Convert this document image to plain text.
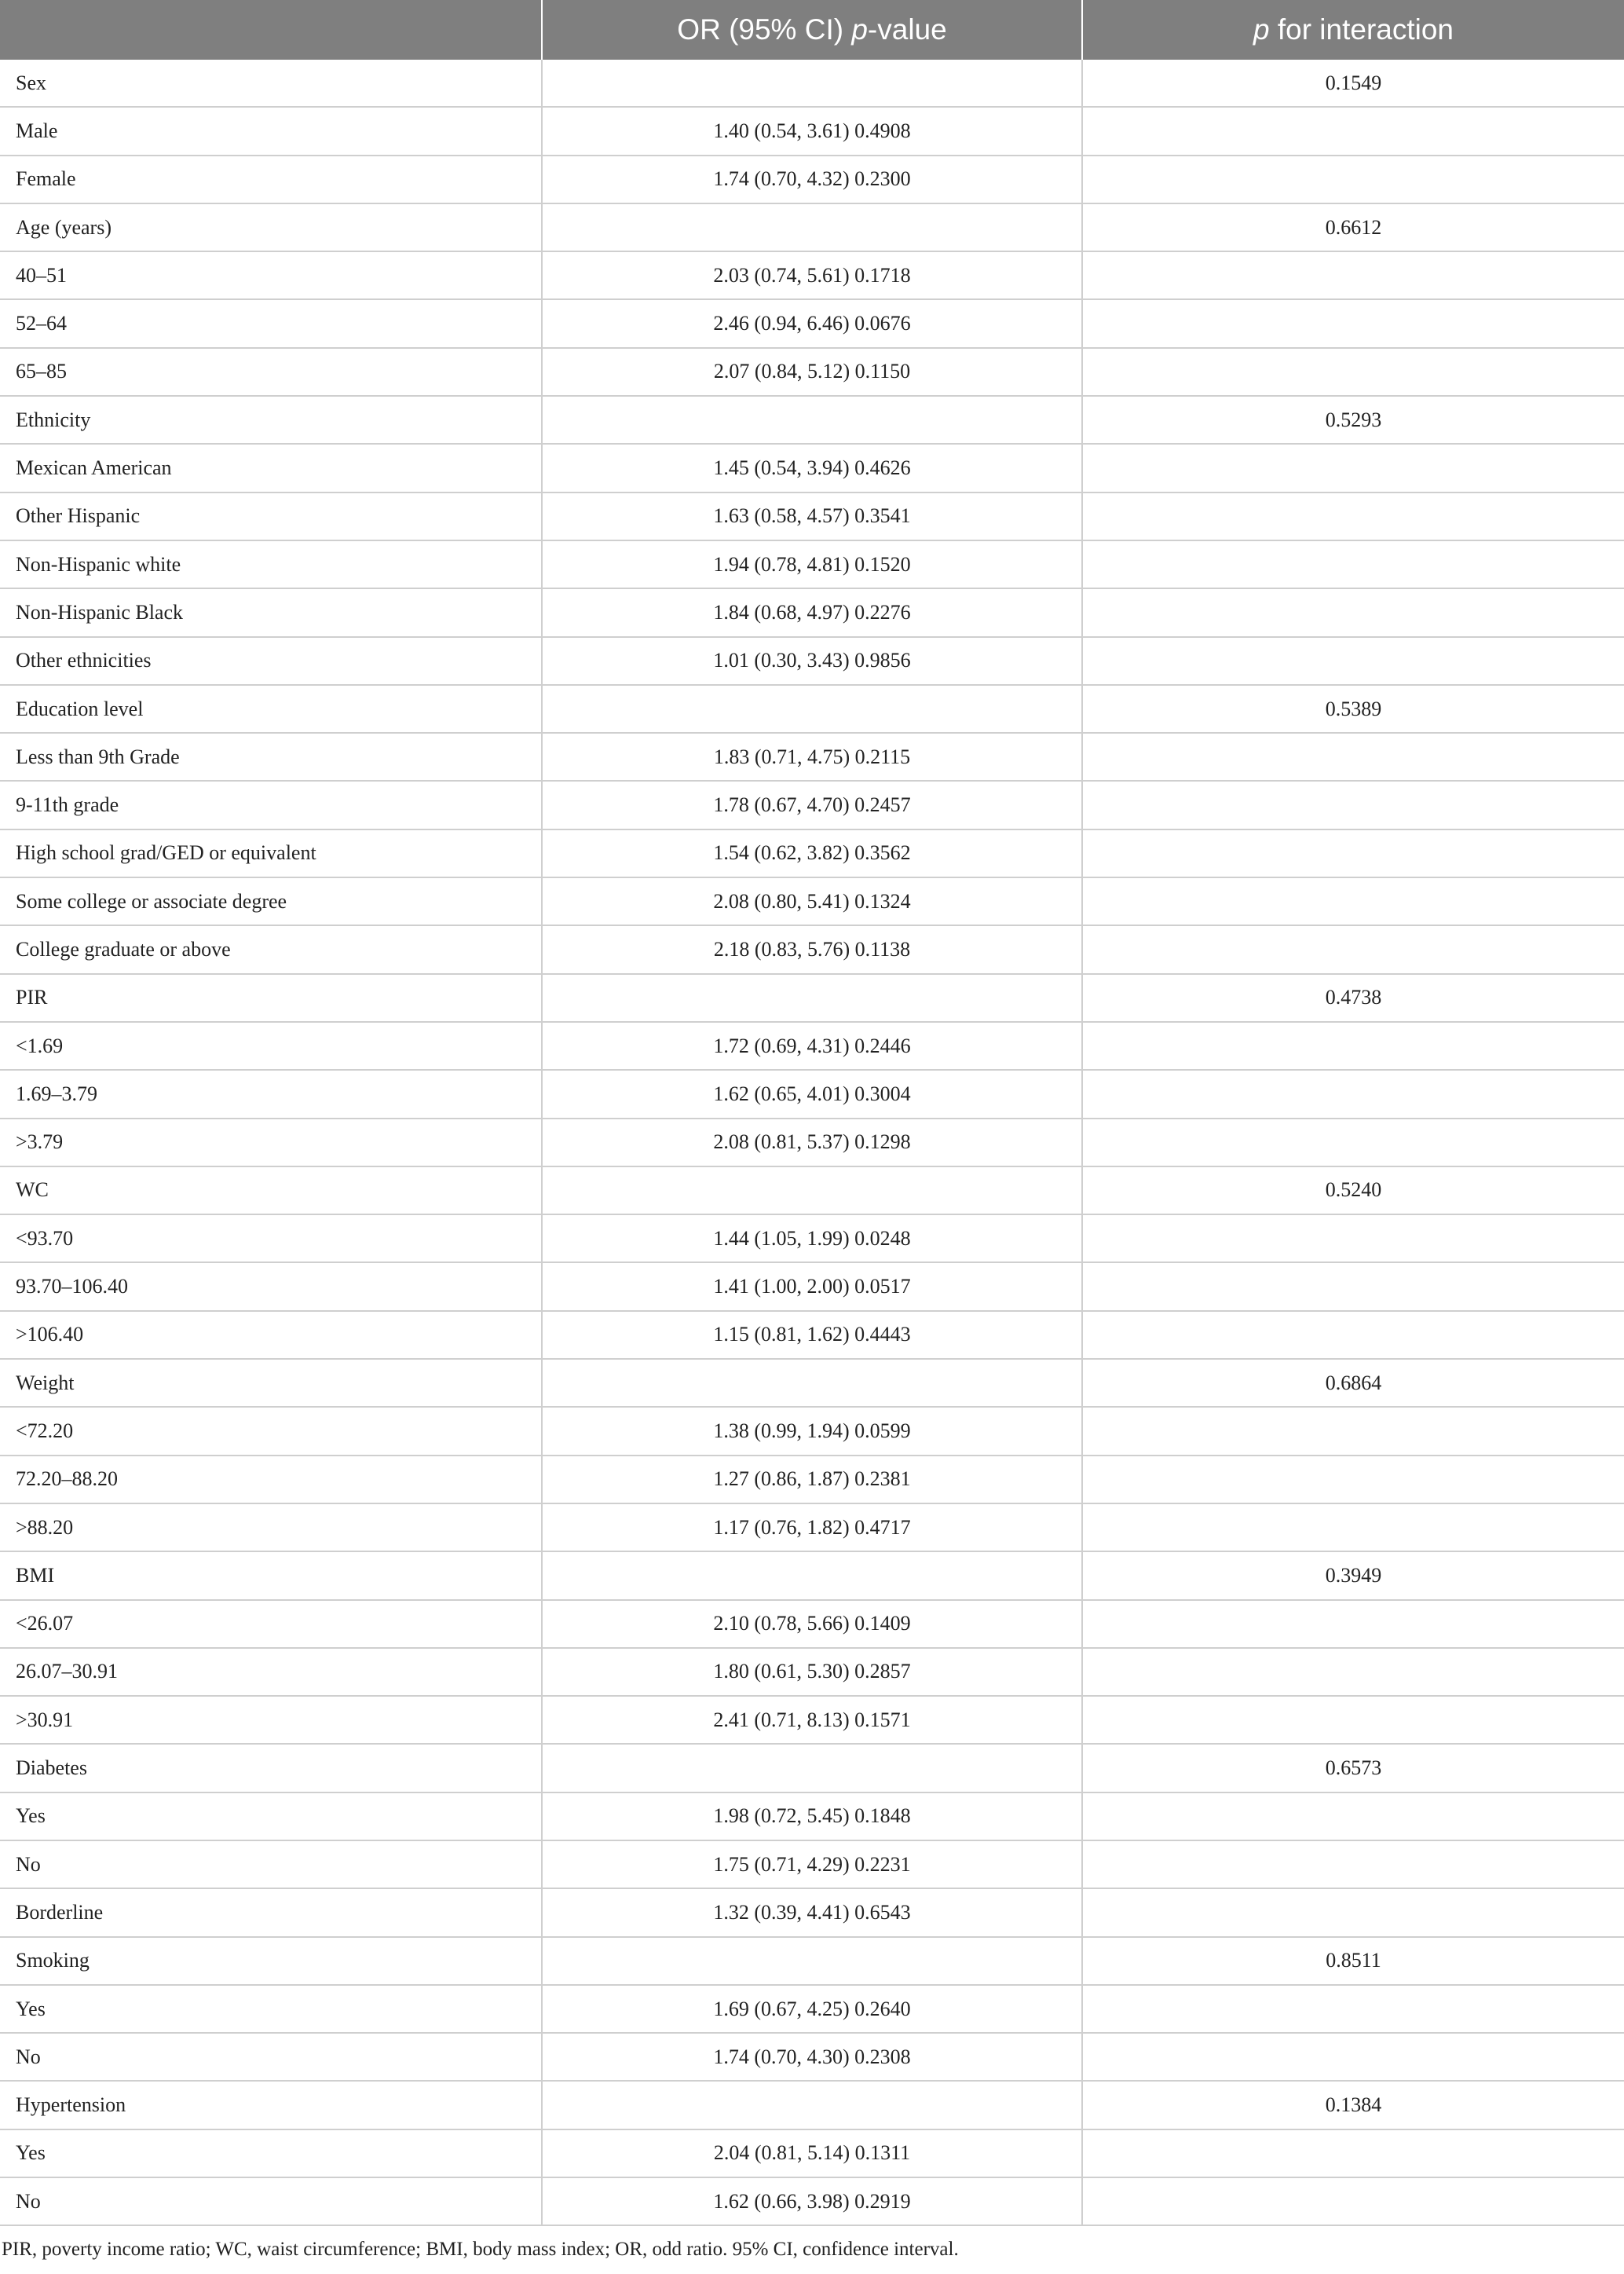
	OR (95% CI) p-value	p for interaction
Sex		0.1549
Male	1.40 (0.54, 3.61) 0.4908	
Female	1.74 (0.70, 4.32) 0.2300	
Age (years)		0.6612
40–51	2.03 (0.74, 5.61) 0.1718	
52–64	2.46 (0.94, 6.46) 0.0676	
65–85	2.07 (0.84, 5.12) 0.1150	
Ethnicity		0.5293
Mexican American	1.45 (0.54, 3.94) 0.4626	
Other Hispanic	1.63 (0.58, 4.57) 0.3541	
Non-Hispanic white	1.94 (0.78, 4.81) 0.1520	
Non-Hispanic Black	1.84 (0.68, 4.97) 0.2276	
Other ethnicities	1.01 (0.30, 3.43) 0.9856	
Education level		0.5389
Less than 9th Grade	1.83 (0.71, 4.75) 0.2115	
9-11th grade	1.78 (0.67, 4.70) 0.2457	
High school grad/GED or equivalent	1.54 (0.62, 3.82) 0.3562	
Some college or associate degree	2.08 (0.80, 5.41) 0.1324	
College graduate or above	2.18 (0.83, 5.76) 0.1138	
PIR		0.4738
<1.69	1.72 (0.69, 4.31) 0.2446	
1.69–3.79	1.62 (0.65, 4.01) 0.3004	
>3.79	2.08 (0.81, 5.37) 0.1298	
WC		0.5240
<93.70	1.44 (1.05, 1.99) 0.0248	
93.70–106.40	1.41 (1.00, 2.00) 0.0517	
>106.40	1.15 (0.81, 1.62) 0.4443	
Weight		0.6864
<72.20	1.38 (0.99, 1.94) 0.0599	
72.20–88.20	1.27 (0.86, 1.87) 0.2381	
>88.20	1.17 (0.76, 1.82) 0.4717	
BMI		0.3949
<26.07	2.10 (0.78, 5.66) 0.1409	
26.07–30.91	1.80 (0.61, 5.30) 0.2857	
>30.91	2.41 (0.71, 8.13) 0.1571	
Diabetes		0.6573
Yes	1.98 (0.72, 5.45) 0.1848	
No	1.75 (0.71, 4.29) 0.2231	
Borderline	1.32 (0.39, 4.41) 0.6543	
Smoking		0.8511
Yes	1.69 (0.67, 4.25) 0.2640	
No	1.74 (0.70, 4.30) 0.2308	
Hypertension		0.1384
Yes	2.04 (0.81, 5.14) 0.1311	
No	1.62 (0.66, 3.98) 0.2919	
PIR, poverty income ratio; WC, waist circumference; BMI, body mass index; OR, odd ratio. 95% CI, confidence interval.
